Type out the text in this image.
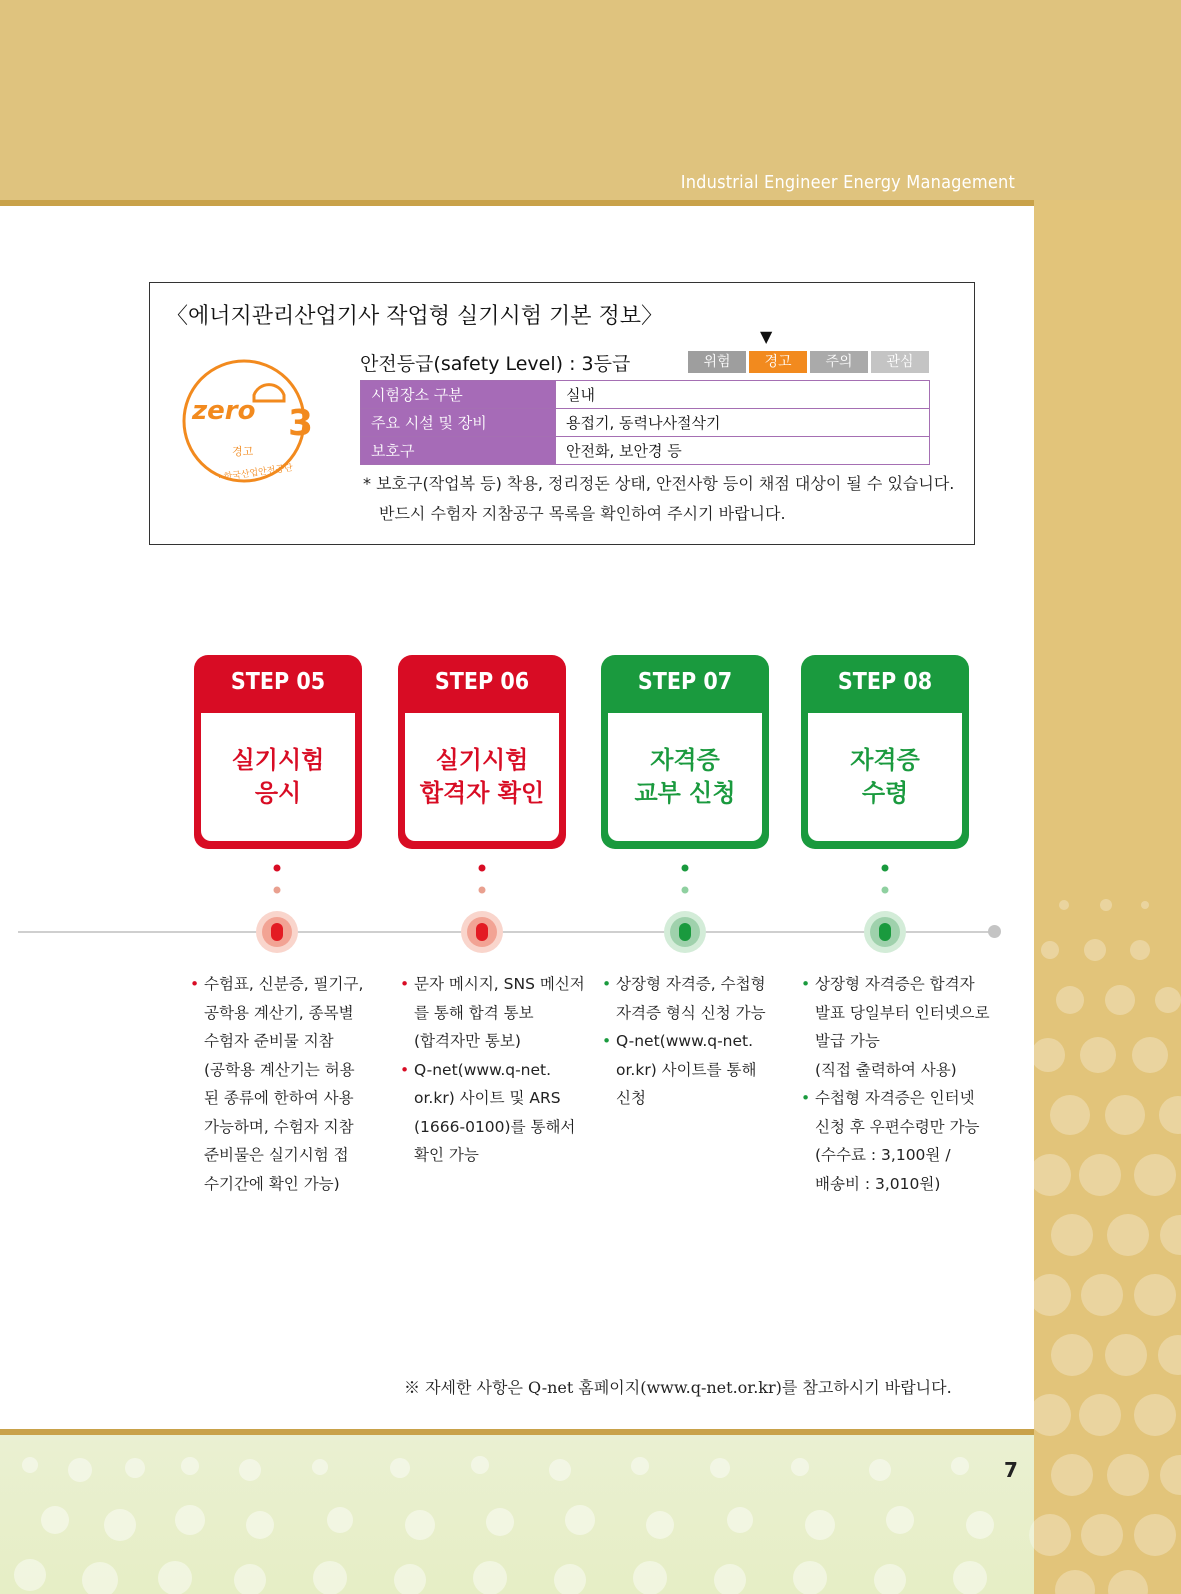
Industrial Engineer Energy Management
7
〈에너지관리산업기사 작업형 실기시험 기본 정보〉
zero 3
경고
· 한국산업안전공단
안전등급(safety Level) : 3등급
▼
위험	경고	주의	관심
시험장소 구분	실내
주요 시설 및 장비	용접기, 동력나사절삭기
보호구	안전화, 보안경 등
* 보호구(작업복 등) 착용, 정리정돈 상태, 안전사항 등이 채점 대상이 될 수 있습니다.
반드시 수험자 지참공구 목록을 확인하여 주시기 바랍니다.
STEP 05
실기시험
응시
STEP 06
실기시험
합격자 확인
STEP 07
자격증
교부 신청
STEP 08
자격증
수령
• 수험표, 신분증, 필기구,
공학용 계산기, 종목별
수험자 준비물 지참
(공학용 계산기는 허용
된 종류에 한하여 사용
가능하며, 수험자 지참
준비물은 실기시험 접
수기간에 확인 가능)
• 문자 메시지, SNS 메신저
를 통해 합격 통보
(합격자만 통보)
• Q-net(www.q-net.
or.kr) 사이트 및 ARS
(1666-0100)를 통해서
확인 가능
• 상장형 자격증, 수첩형
자격증 형식 신청 가능
• Q-net(www.q-net.
or.kr) 사이트를 통해
신청
• 상장형 자격증은 합격자
발표 당일부터 인터넷으로
발급 가능
(직접 출력하여 사용)
• 수첩형 자격증은 인터넷
신청 후 우편수령만 가능
(수수료 : 3,100원 /
배송비 : 3,010원)
※ 자세한 사항은 Q-net 홈페이지(www.q-net.or.kr)를 참고하시기 바랍니다.
